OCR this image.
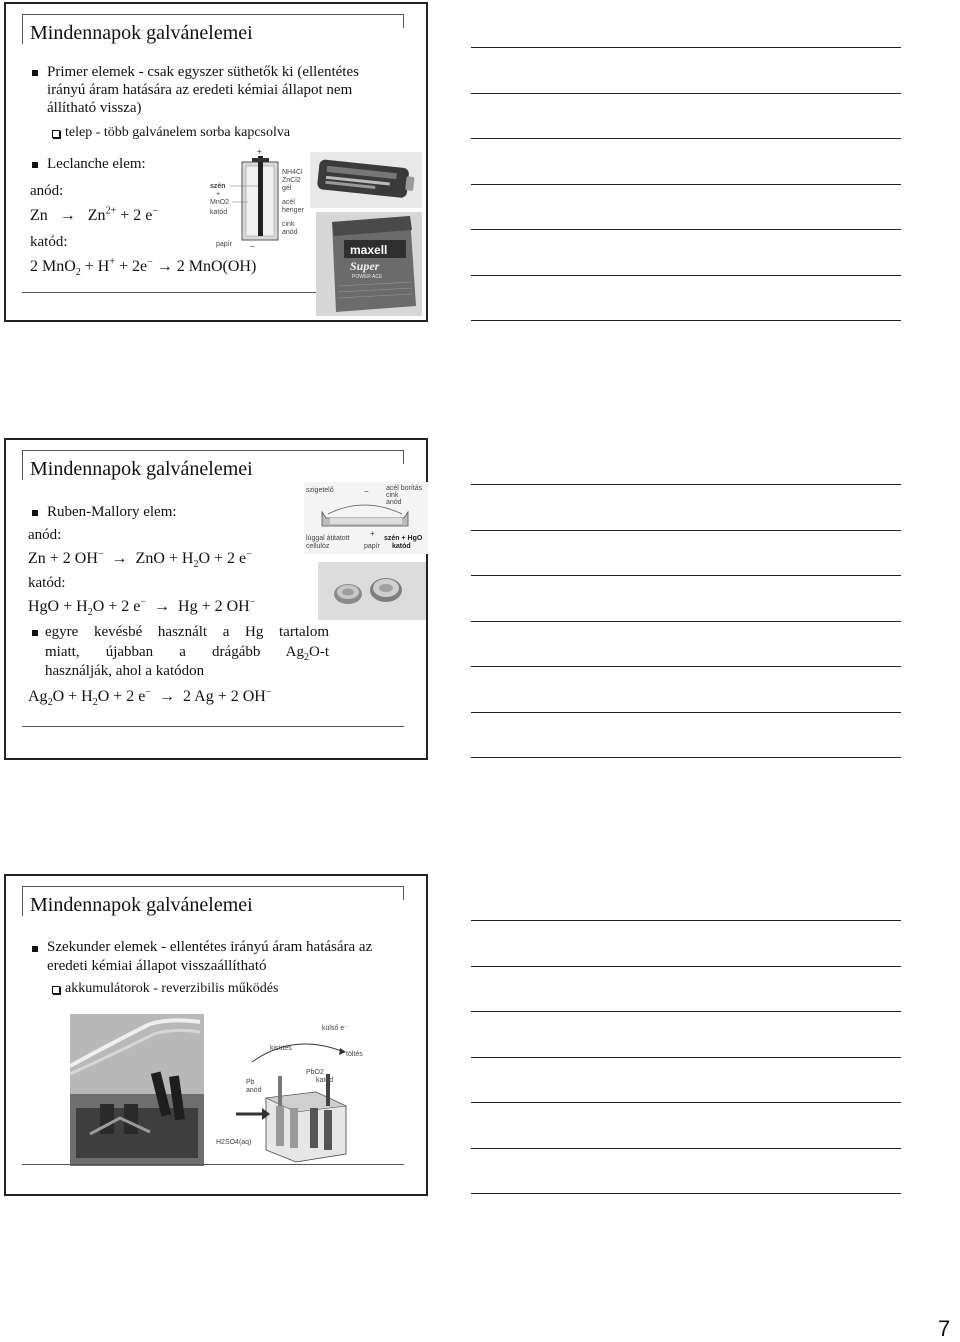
Mindennapok galvánelemei
Primer elemek - csak egyszer süthetők ki (ellentétes
irányú áram hatására az eredeti kémiai állapot nem
állítható vissza)
telep - több galvánelem sorba kapcsolva
Leclanche elem:
anód:
$Zn \to Zn^{2+} + 2$ e−
katód:
2 MnO$_2$ + H+ + 2e− → 2 MnO(OH)
+
−
szén
+
MnO2
katód
NH4Cl
ZnCl2
gél
acél
henger
cink
anód
papír	maxell
Super
POWER ACE
Mindennapok galvánelemei
Ruben-Mallory elem:
anód:
Zn + 2 OH−  →  ZnO + $H_2O + 2$ e−
katód:
HgO + $H_2O + 2$ e−  →  Hg + 2 OH−
egyre kevésbé használt a Hg tartalom
miatt, újabban a drágább $Ag_2O-t$
használják, ahol a katódon
$Ag_2O + H_2O + 2$ e−  →  2 Ag + 2 OH−
szigetelő	− acél borítás
cink
anód
lúggal átitatott
cellulóz
+
papír
szén + HgO
katód
Mindennapok galvánelemei
Szekunder elemek - ellentétes irányú áram hatására az
eredeti kémiai állapot visszaállítható
akkumulátorok - reverzibilis működés
külső e⁻
kisütés
töltés
Pb
anód
PbO2
katód
H2SO4(aq)
7
